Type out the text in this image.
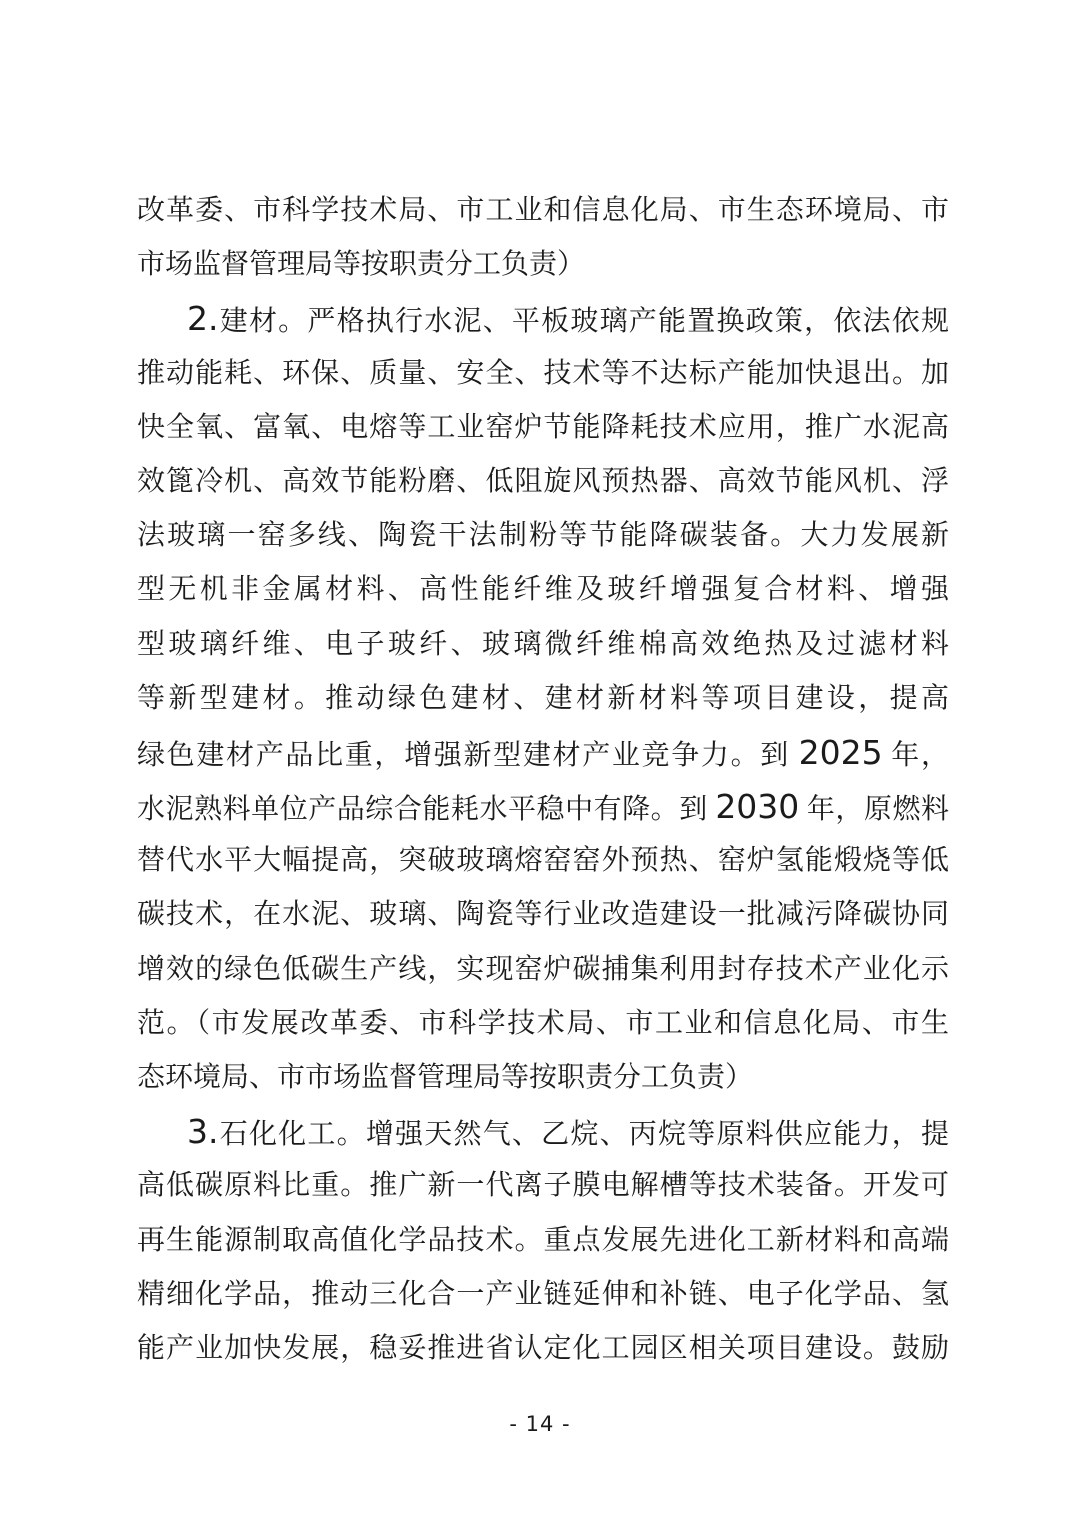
改革委、市科学技术局、市工业和信息化局、市生态环境局、市
市场监督管理局等按职责分工负责）
2.建材。严格执行水泥、平板玻璃产能置换政策，依法依规
推动能耗、环保、质量、安全、技术等不达标产能加快退出。加
快全氧、富氧、电熔等工业窑炉节能降耗技术应用，推广水泥高
效篦冷机、高效节能粉磨、低阻旋风预热器、高效节能风机、浮
法玻璃一窑多线、陶瓷干法制粉等节能降碳装备。大力发展新
型无机非金属材料、高性能纤维及玻纤增强复合材料、增强
型玻璃纤维、电子玻纤、玻璃微纤维棉高效绝热及过滤材料
等新型建材。推动绿色建材、建材新材料等项目建设，提高
绿色建材产品比重，增强新型建材产业竞争力。到 2025 年，
水泥熟料单位产品综合能耗水平稳中有降。到 2030 年，原燃料
替代水平大幅提高，突破玻璃熔窑窑外预热、窑炉氢能煅烧等低
碳技术，在水泥、玻璃、陶瓷等行业改造建设一批减污降碳协同
增效的绿色低碳生产线，实现窑炉碳捕集利用封存技术产业化示
范。（市发展改革委、市科学技术局、市工业和信息化局、市生
态环境局、市市场监督管理局等按职责分工负责）
3.石化化工。增强天然气、乙烷、丙烷等原料供应能力，提
高低碳原料比重。推广新一代离子膜电解槽等技术装备。开发可
再生能源制取高值化学品技术。重点发展先进化工新材料和高端
精细化学品，推动三化合一产业链延伸和补链、电子化学品、氢
能产业加快发展，稳妥推进省认定化工园区相关项目建设。鼓励
- 14 -
